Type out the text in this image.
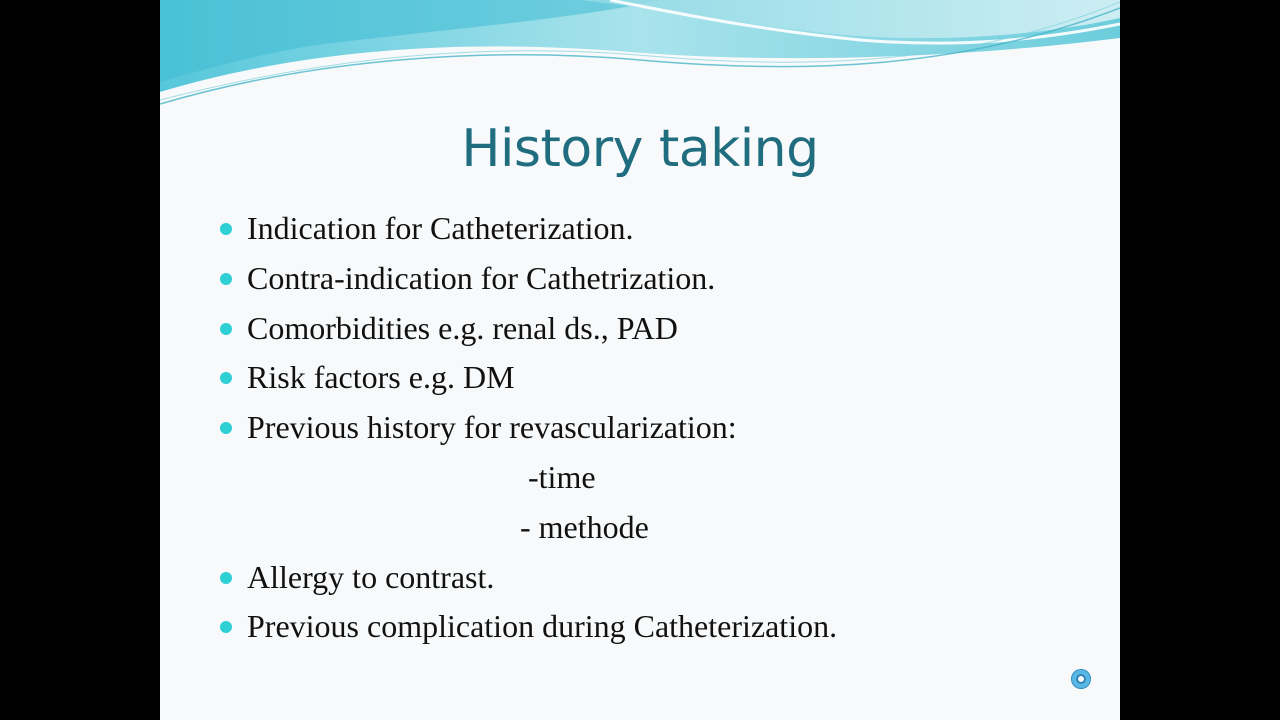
History taking
Indication for Catheterization.
Contra-indication for Cathetrization.
Comorbidities e.g. renal ds., PAD
Risk factors e.g. DM
Previous history for revascularization:
-time
- methode
Allergy to contrast.
Previous complication during Catheterization.
